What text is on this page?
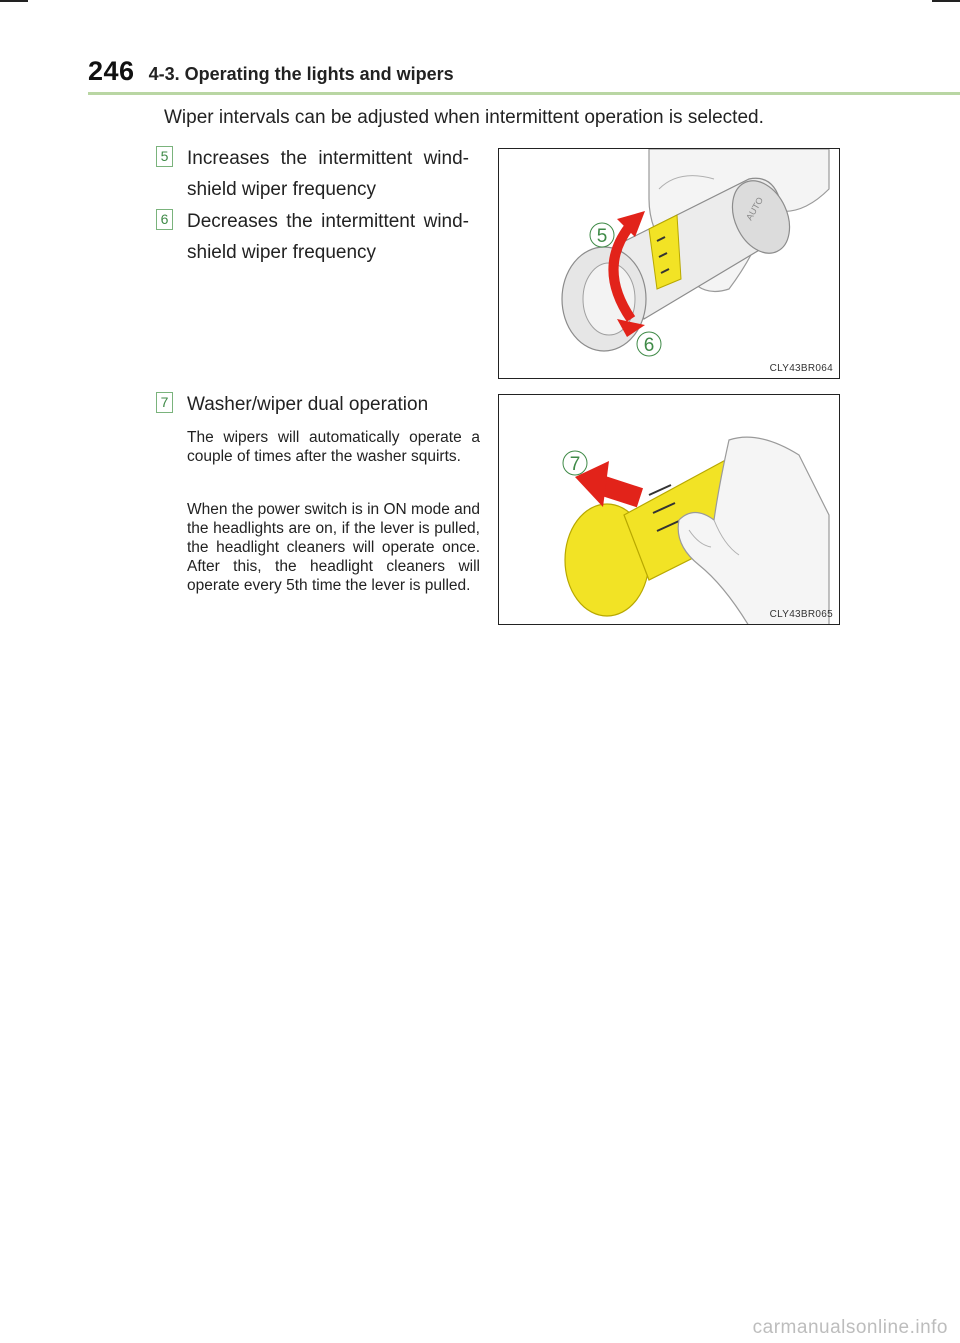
246 4-3. Operating the lights and wipers
Wiper intervals can be adjusted when intermittent operation is selected.
5 Increases the intermittent wind-shield wiper frequency
6 Decreases the intermittent wind-shield wiper frequency
7 Washer/wiper dual operation

The wipers will automatically operate a couple of times after the washer squirts.

When the power switch is in ON mode and the headlights are on, if the lever is pulled, the headlight cleaners will operate once. After this, the headlight cleaners will operate every 5th time the lever is pulled.

AUTO
5
6
CLY43BR064
7
CLY43BR065
carmanualsonline.info
